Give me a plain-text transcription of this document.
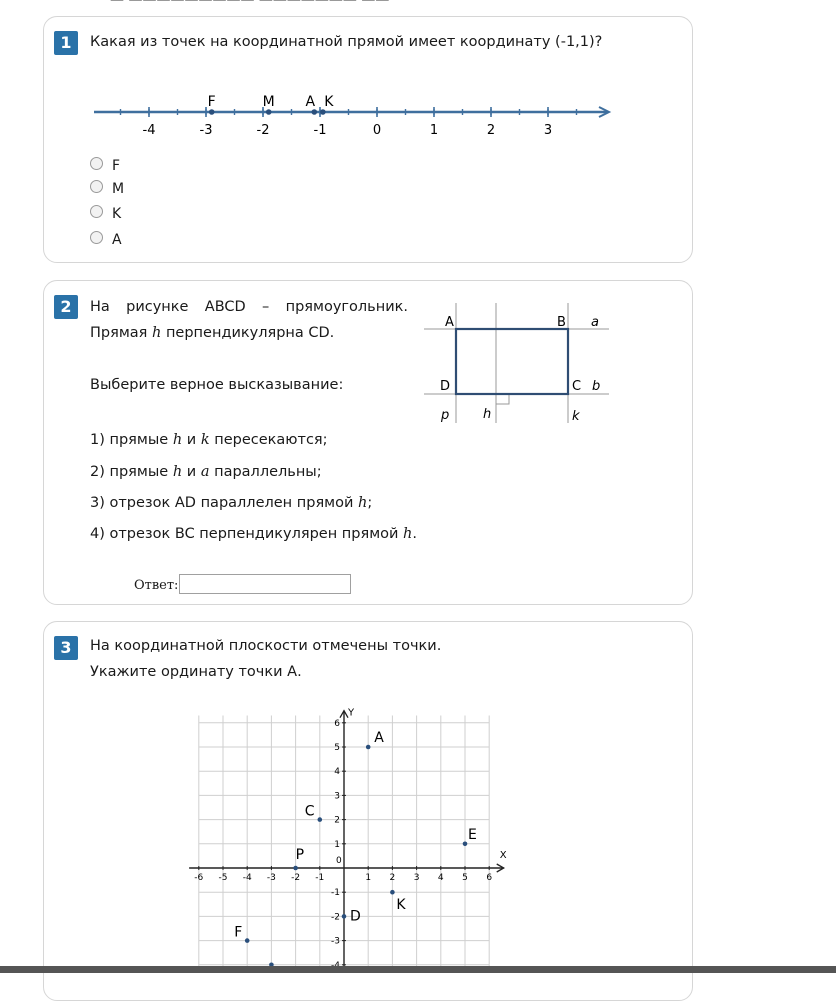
— ————————— ——————— ——
1	Какая из точек на координатной прямой имеет координату (-1,1)?
-4	-3	-2	-1	0	1	2	3
F	M A K
F
M
K
A
2	На рисунке ABCD – прямоугольник.
Прямая h перпендикулярна CD.
Выберите верное высказывание:
1) прямые h и k пересекаются;
2) прямые h и a параллельны;
3) отрезок AD параллелен прямой h;
4) отрезок BC перпендикулярен прямой h.
A	B a
D	C b
p	h	k
Ответ:
3	На координатной плоскости отмечены точки.
Укажите ординату точки А.
X
Y
0
-6 -5 -4 -3 -2 -1	1 2 3 4 5 6
6
5
4
3
2
1
-1
-2
-3
A
C
E
P
K
D
F
